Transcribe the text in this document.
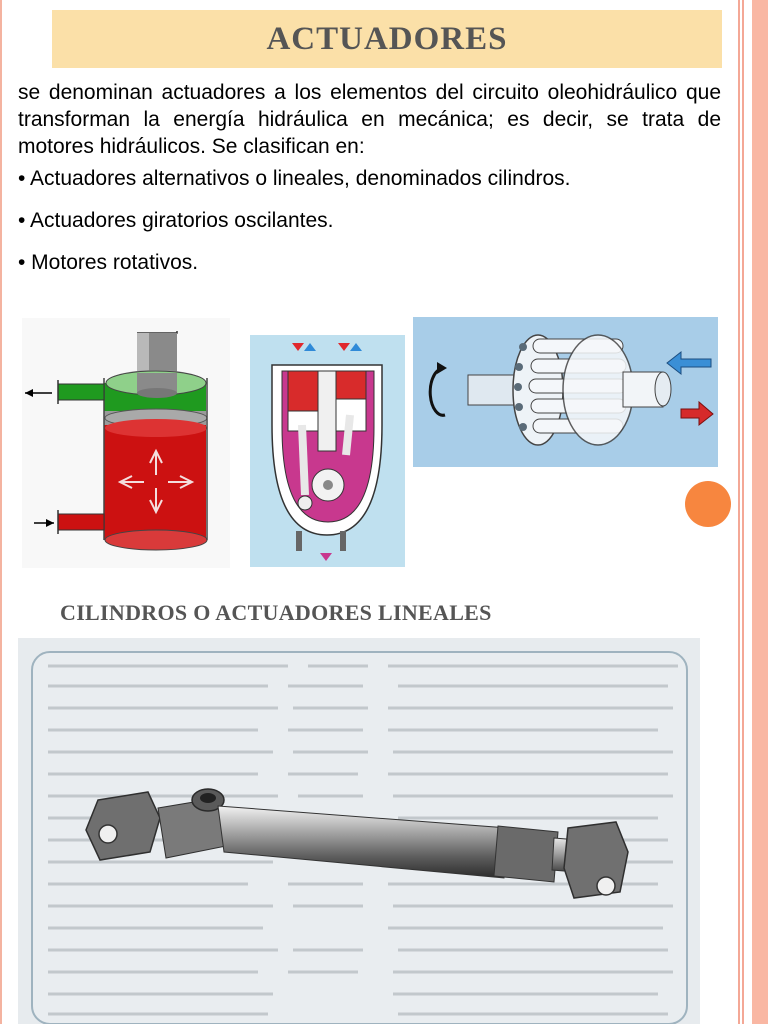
ACTUADORES

se denominan actuadores a los elementos del circuito oleohidráulico que transforman la energía hidráulica en mecánica; es decir, se trata de motores hidráulicos. Se clasifican en:

• Actuadores alternativos o lineales, denominados cilindros.
• Actuadores giratorios oscilantes.
• Motores rotativos.
CILINDROS O ACTUADORES LINEALES
